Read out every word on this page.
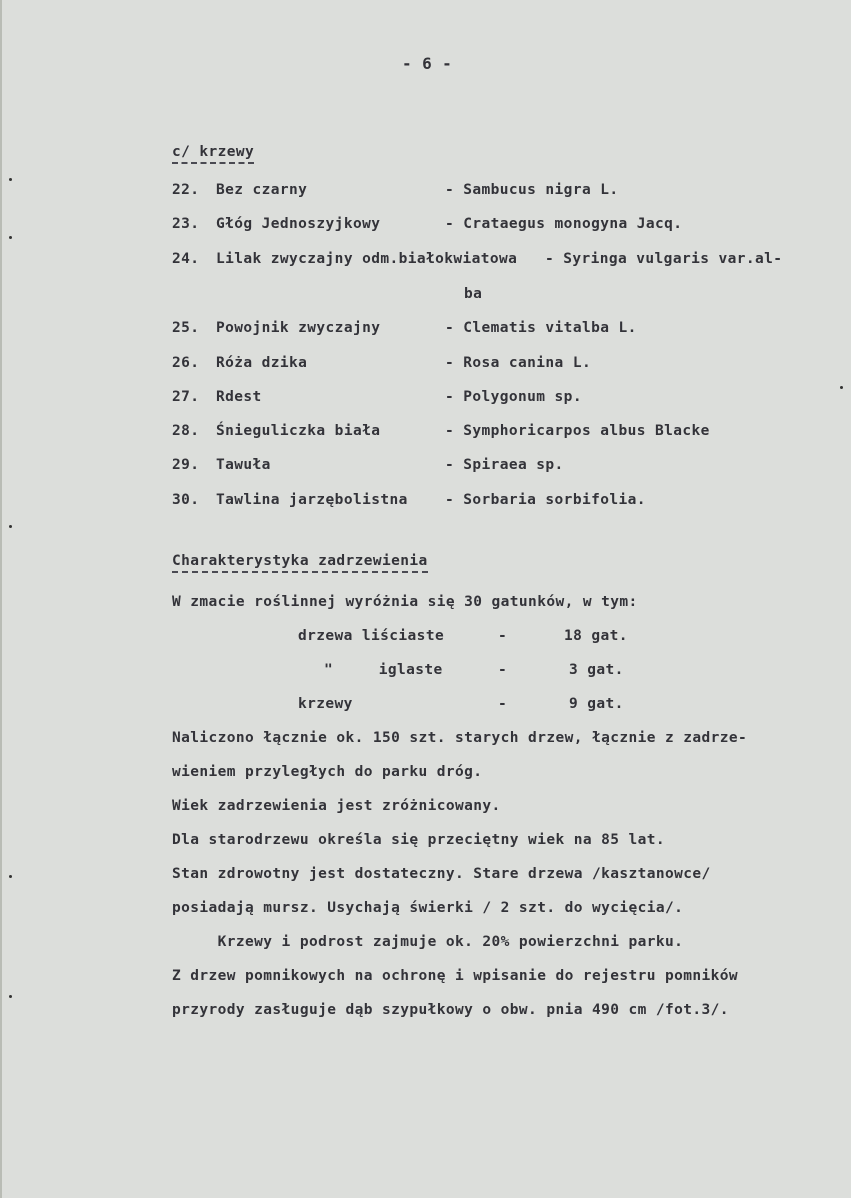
- 6 -
c/ krzewy
22. Bez czarny	- Sambucus nigra L.
23. Głóg Jednoszyjkowy	- Crataegus monogyna Jacq.
24. Lilak zwyczajny odm.białokwiatowa - Syringa vulgaris var.al-
ba
25. Powojnik zwyczajny	- Clematis vitalba L.
26. Róża dzika	- Rosa canina L.
27. Rdest	- Polygonum sp.
28. Śnieguliczka biała	- Symphoricarpos albus Blacke
29. Tawuła	- Spiraea sp.
30. Tawlina jarzębolistna	- Sorbaria sorbifolia.
Charakterystyka zadrzewienia
W zmacie roślinnej wyróżnia się 30 gatunków, w tym:
drzewa liściaste	-	18 gat.
"     iglaste	-	3 gat.
krzewy	-	9 gat.
Naliczono łącznie ok. 150 szt. starych drzew, łącznie z zadrze-
wieniem przyległych do parku dróg.
Wiek zadrzewienia jest zróżnicowany.
Dla starodrzewu określa się przeciętny wiek na 85 lat.
Stan zdrowotny jest dostateczny. Stare drzewa /kasztanowce/
posiadają mursz. Usychają świerki / 2 szt. do wycięcia/.
Krzewy i podrost zajmuje ok. 20% powierzchni parku.
Z drzew pomnikowych na ochronę i wpisanie do rejestru pomników
przyrody zasługuje dąb szypułkowy o obw. pnia 490 cm /fot.3/.
